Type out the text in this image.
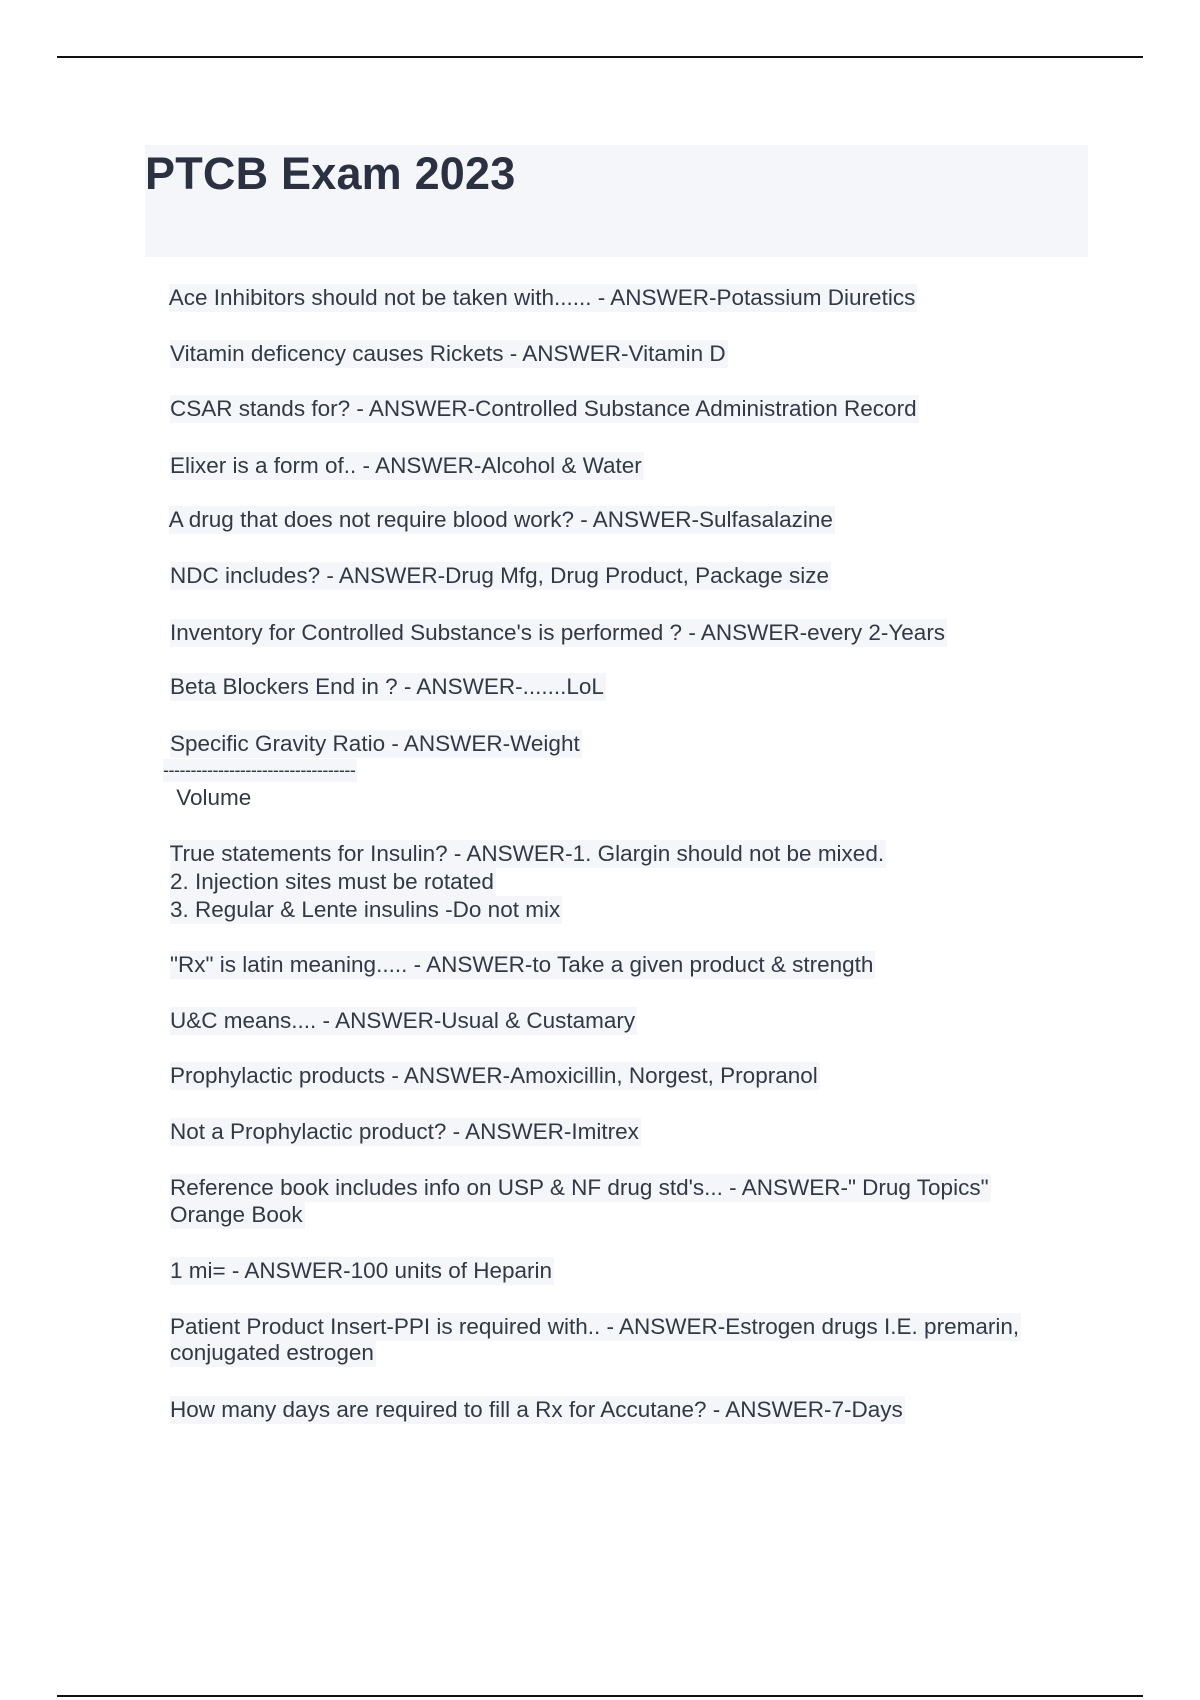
PTCB Exam 2023

Ace Inhibitors should not be taken with...... - ANSWER-Potassium Diuretics

Vitamin deficency causes Rickets - ANSWER-Vitamin D

CSAR stands for? - ANSWER-Controlled Substance Administration Record

Elixer is a form of.. - ANSWER-Alcohol & Water

A drug that does not require blood work? - ANSWER-Sulfasalazine

NDC includes? - ANSWER-Drug Mfg, Drug Product, Package size

Inventory for Controlled Substance's is performed ? - ANSWER-every 2-Years

Beta Blockers End in ? - ANSWER-.......LoL

Specific Gravity Ratio - ANSWER-Weight

-----------------------------------

Volume

True statements for Insulin? - ANSWER-1. Glargin should not be mixed.

2. Injection sites must be rotated

3. Regular & Lente insulins -Do not mix

"Rx" is latin meaning..... - ANSWER-to Take a given product & strength

U&C means.... - ANSWER-Usual & Custamary

Prophylactic products - ANSWER-Amoxicillin, Norgest, Propranol

Not a Prophylactic product? - ANSWER-Imitrex

Reference book includes info on USP & NF drug std's... - ANSWER-" Drug Topics"

Orange Book

1 mi= - ANSWER-100 units of Heparin

Patient Product Insert-PPI is required with.. - ANSWER-Estrogen drugs I.E. premarin,

conjugated estrogen

How many days are required to fill a Rx for Accutane? - ANSWER-7-Days
